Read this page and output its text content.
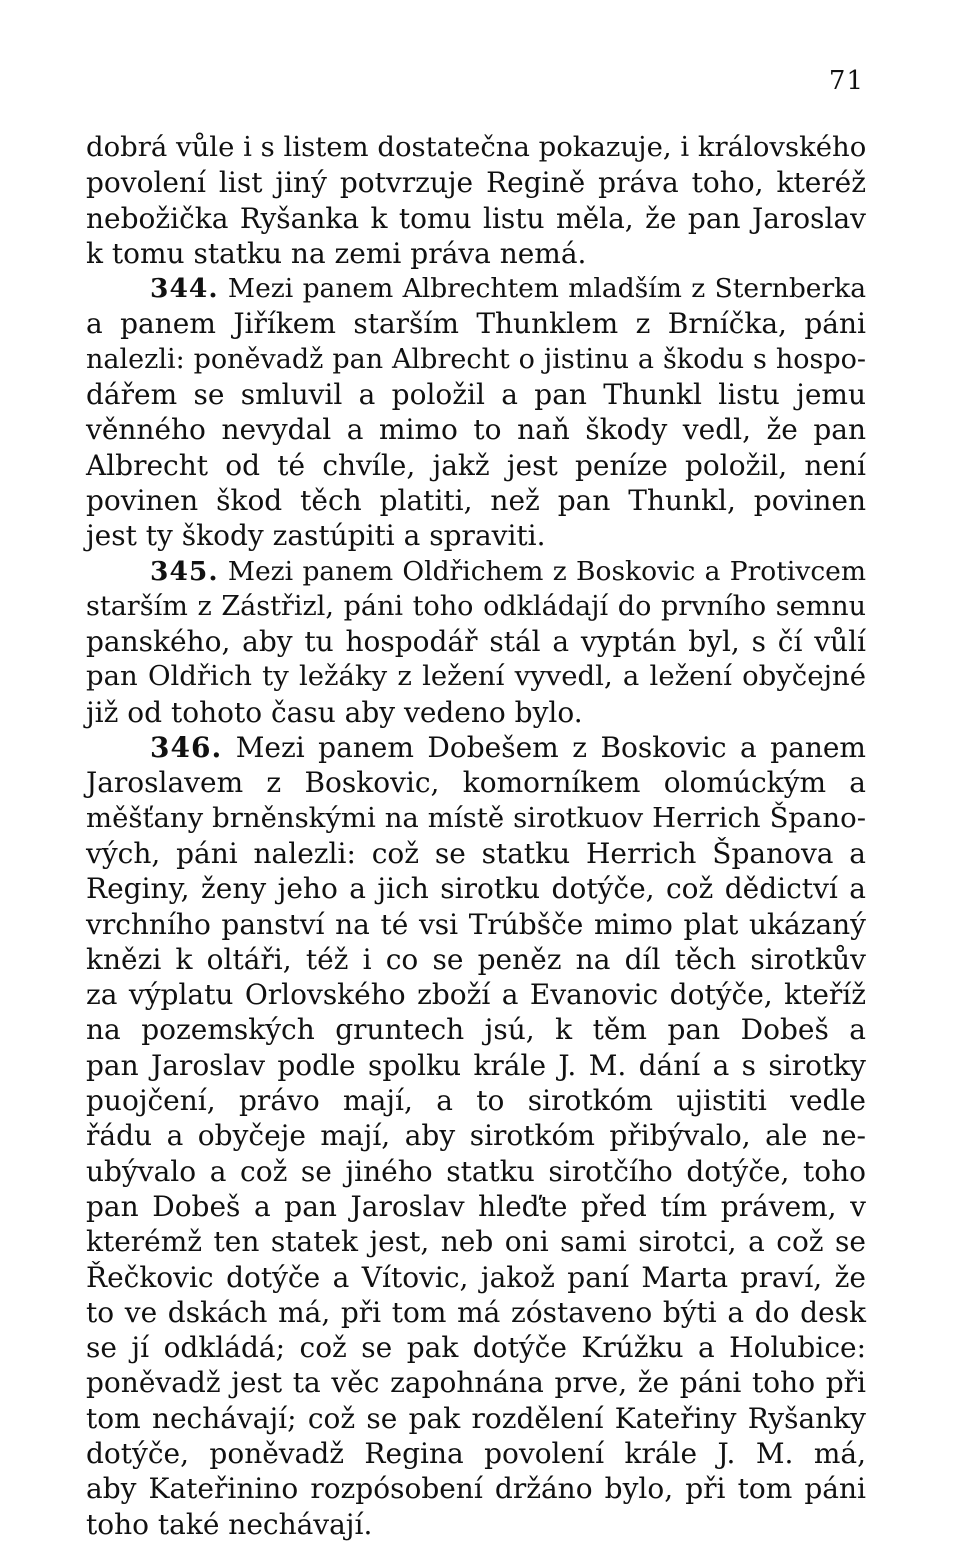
71
dobrá vůle i s listem dostatečna pokazuje, i královského
povolení list jiný potvrzuje Regině práva toho, kteréž
nebožička Ryšanka k tomu listu měla, že pan Jaroslav
k tomu statku na zemi práva nemá.
344. Mezi panem Albrechtem mladším z Sternberka
a panem Jiříkem starším Thunklem z Brníčka, páni
nalezli: poněvadž pan Albrecht o jistinu a škodu s hospo-
dářem se smluvil a položil a pan Thunkl listu jemu
věnného nevydal a mimo to naň škody vedl, že pan
Albrecht od té chvíle, jakž jest peníze položil, není
povinen škod těch platiti, než pan Thunkl, povinen
jest ty škody zastúpiti a spraviti.
345. Mezi panem Oldřichem z Boskovic a Protivcem
starším z Zástřizl, páni toho odkládají do prvního semnu
panského, aby tu hospodář stál a vyptán byl, s čí vůlí
pan Oldřich ty ležáky z ležení vyvedl, a ležení obyčejné
již od tohoto času aby vedeno bylo.
346. Mezi panem Dobešem z Boskovic a panem
Jaroslavem z Boskovic, komorníkem olomúckým a
měšťany brněnskými na místě sirotkuov Herrich Špano-
vých, páni nalezli: což se statku Herrich Španova a
Reginy, ženy jeho a jich sirotku dotýče, což dědictví a
vrchního panství na té vsi Trúbšče mimo plat ukázaný
knězi k oltáři, též i co se peněz na díl těch sirotkův
za výplatu Orlovského zboží a Evanovic dotýče, kteříž
na pozemských gruntech jsú, k těm pan Dobeš a
pan Jaroslav podle spolku krále J. M. dání a s sirotky
puojčení, právo mají, a to sirotkóm ujistiti vedle
řádu a obyčeje mají, aby sirotkóm přibývalo, ale ne-
ubývalo a což se jiného statku sirotčího dotýče, toho
pan Dobeš a pan Jaroslav hleďte před tím právem, v
kterémž ten statek jest, neb oni sami sirotci, a což se
Řečkovic dotýče a Vítovic, jakož paní Marta praví, že
to ve dskách má, při tom má zóstaveno býti a do desk
se jí odkládá; což se pak dotýče Krúžku a Holubice:
poněvadž jest ta věc zapohnána prve, že páni toho při
tom nechávají; což se pak rozdělení Kateřiny Ryšanky
dotýče, poněvadž Regina povolení krále J. M. má,
aby Kateřinino rozpósobení držáno bylo, při tom páni
toho také nechávají.
